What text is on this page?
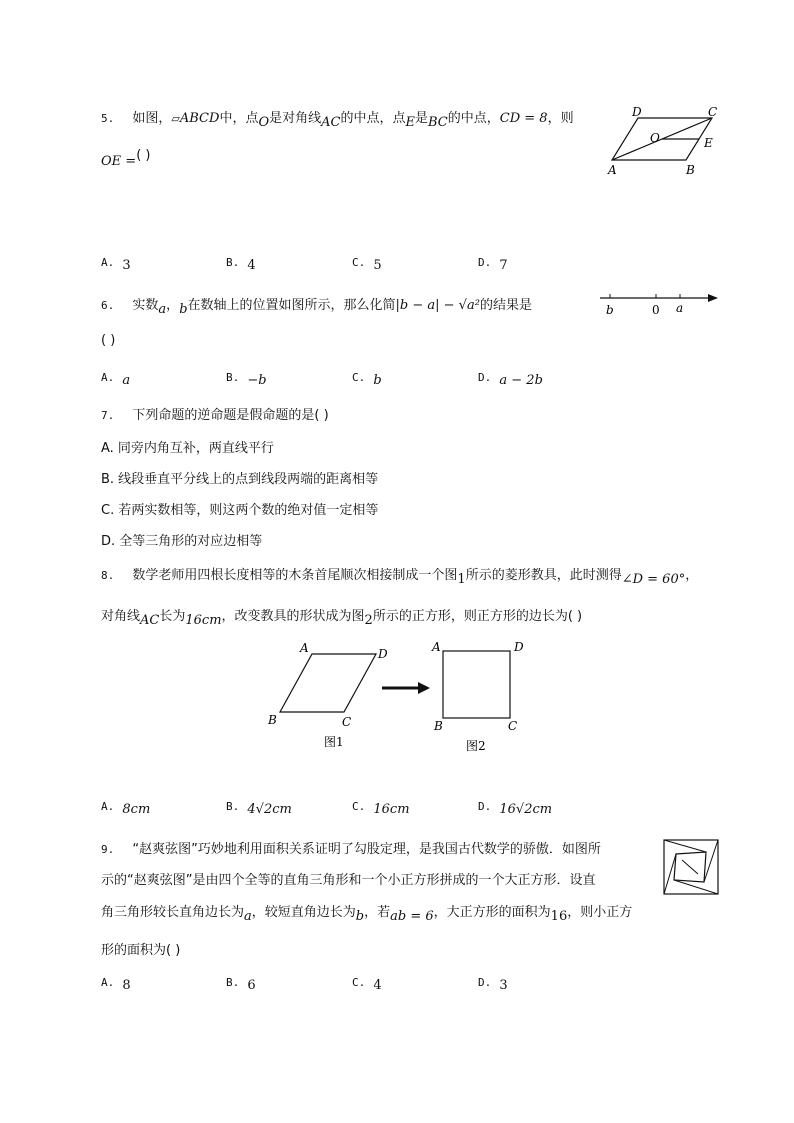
5. 如图，▱ABCD中，点O是对角线AC的中点，点E是BC的中点，CD = 8，则
OE =( )
D	C
O	E
A	B
A. 3	B. 4	C. 5	D. 7
6. 实数a，b在数轴上的位置如图所示，那么化简|b − a| − √a²的结果是
( )
b	0 a
A. a	B. −b	C. b	D. a − 2b
7. 下列命题的逆命题是假命题的是( )
A. 同旁内角互补，两直线平行
B. 线段垂直平分线上的点到线段两端的距离相等
C. 若两实数相等，则这两个数的绝对值一定相等
D. 全等三角形的对应边相等
8. 数学老师用四根长度相等的木条首尾顺次相接制成一个图1所示的菱形教具，此时测得∠D = 60°，
对角线AC长为16cm，改变教具的形状成为图2所示的正方形，则正方形的边长为( )
A	D
B	C
图1
A	D
B	C
图2
A. 8cm	B. 4√2cm	C. 16cm	D. 16√2cm
9. “赵爽弦图”巧妙地利用面积关系证明了勾股定理，是我国古代数学的骄傲．如图所
示的“赵爽弦图”是由四个全等的直角三角形和一个小正方形拼成的一个大正方形．设直
角三角形较长直角边长为a，较短直角边长为b，若ab = 6，大正方形的面积为16，则小正方
形的面积为( )
A. 8	B. 6	C. 4	D. 3
